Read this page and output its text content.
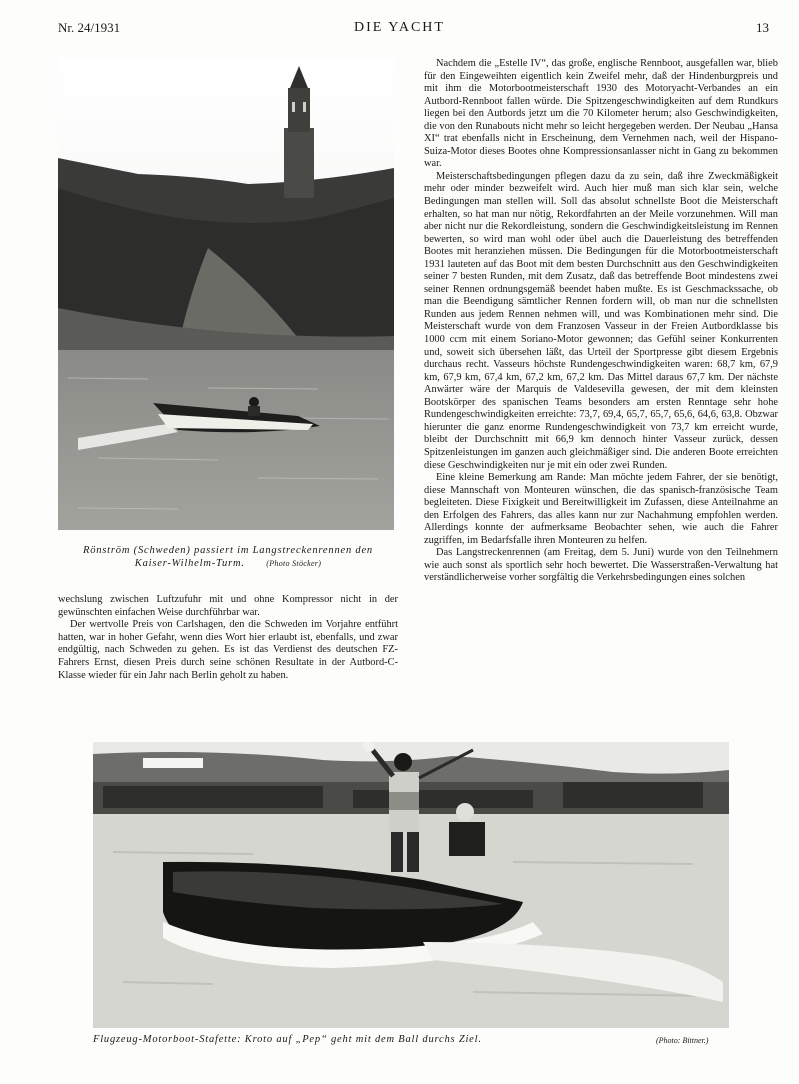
Nr. 24/1931	DIE YACHT	13
Rönström (Schweden) passiert im Langstreckenrennen den
Kaiser-Wilhelm-Turm.	(Photo Stöcker)

wechslung zwischen Luftzufuhr mit und ohne Kompressor nicht in der gewünschten einfachen Weise durchführbar war.

Der wertvolle Preis von Carlshagen, den die Schweden im Vorjahre entführt hatten, war in hoher Gefahr, wenn dies Wort hier erlaubt ist, ebenfalls, und zwar endgültig, nach Schweden zu gehen. Es ist das Verdienst des deutschen FZ-Fahrers Ernst, diesen Preis durch seine schönen Resultate in der Autbord-C-Klasse wieder für ein Jahr nach Berlin geholt zu haben.

Nachdem die „Estelle IV“, das große, englische Rennboot, ausgefallen war, blieb für den Eingeweihten eigentlich kein Zweifel mehr, daß der Hindenburgpreis und mit ihm die Motorbootmeisterschaft 1930 des Motoryacht-Verbandes an ein Autbord-Rennboot fallen würde. Die Spitzengeschwindigkeiten auf dem Rundkurs liegen bei den Autbords jetzt um die 70 Kilometer herum; also Geschwindigkeiten, die von den Runabouts nicht mehr so leicht hergegeben werden. Der Neubau „Hansa XI“ trat ebenfalls nicht in Erscheinung, dem Vernehmen nach, weil der Hispano-Suiza-Motor dieses Bootes ohne Kompressionsanlasser nicht in Gang zu bekommen war.

Meisterschaftsbedingungen pflegen dazu da zu sein, daß ihre Zweckmäßigkeit mehr oder minder bezweifelt wird. Auch hier muß man sich klar sein, welche Bedingungen man stellen will. Soll das absolut schnellste Boot die Meisterschaft erhalten, so hat man nur nötig, Rekordfahrten an der Meile vorzunehmen. Will man aber nicht nur die Rekordleistung, sondern die Geschwindigkeitsleistung im Rennen bewerten, so wird man wohl oder übel auch die Dauerleistung des betreffenden Bootes mit heranziehen müssen. Die Bedingungen für die Motorbootmeisterschaft 1931 lauteten auf das Boot mit dem besten Durchschnitt aus den Geschwindigkeiten seiner 7 besten Runden, mit dem Zusatz, daß das betreffende Boot mindestens zwei seiner Rennen ordnungsgemäß beendet haben mußte. Es ist Geschmackssache, ob man die Beendigung sämtlicher Rennen fordern will, ob man nur die schnellsten Runden aus jedem Rennen nehmen will, und was Kombinationen mehr sind. Die Meisterschaft wurde von dem Franzosen Vasseur in der Freien Autbordklasse bis 1000 ccm mit einem Soriano-Motor gewonnen; das Gefühl seiner Konkurrenten und, soweit sich übersehen läßt, das Urteil der Sportpresse gibt diesem Ergebnis durchaus recht. Vasseurs höchste Rundengeschwindigkeiten waren: 68,7 km, 67,9 km, 67,9 km, 67,4 km, 67,2 km, 67,2 km. Das Mittel daraus 67,7 km. Der nächste Anwärter wäre der Marquis de Valdesevilla gewesen, der mit dem kleinsten Bootskörper des spanischen Teams besonders am ersten Renntage sehr hohe Rundengeschwindigkeiten erreichte: 73,7, 69,4, 65,7, 65,7, 65,6, 64,6, 63,8. Obzwar hierunter die ganz enorme Rundengeschwindigkeit von 73,7 km erreicht wurde, bleibt der Durchschnitt mit 66,9 km dennoch hinter Vasseur zurück, dessen Spitzenleistungen im ganzen auch gleichmäßiger sind. Die anderen Boote erreichten diese Geschwindigkeiten nur je mit ein oder zwei Runden.

Eine kleine Bemerkung am Rande: Man möchte jedem Fahrer, der sie benötigt, diese Mannschaft von Monteuren wünschen, die das spanisch-französische Team begleiteten. Diese Fixigkeit und Bereitwilligkeit im Zufassen, diese Anteilnahme an den Erfolgen des Fahrers, das alles kann nur zur Nachahmung empfohlen werden. Allerdings konnte der aufmerksame Beobachter sehen, wie auch die Fahrer zugriffen, im Bedarfsfalle ihren Monteuren zu helfen.

Das Langstreckenrennen (am Freitag, dem 5. Juni) wurde von den Teilnehmern wie auch sonst als sportlich sehr hoch bewertet. Die Wasserstraßen-Verwaltung hat verständlicherweise vorher sorgfältig die Verkehrsbedingungen eines solchen

Flugzeug-Motorboot-Stafette: Kroto auf „Pep“ geht mit dem Ball durchs Ziel.	(Photo: Bittner.)
